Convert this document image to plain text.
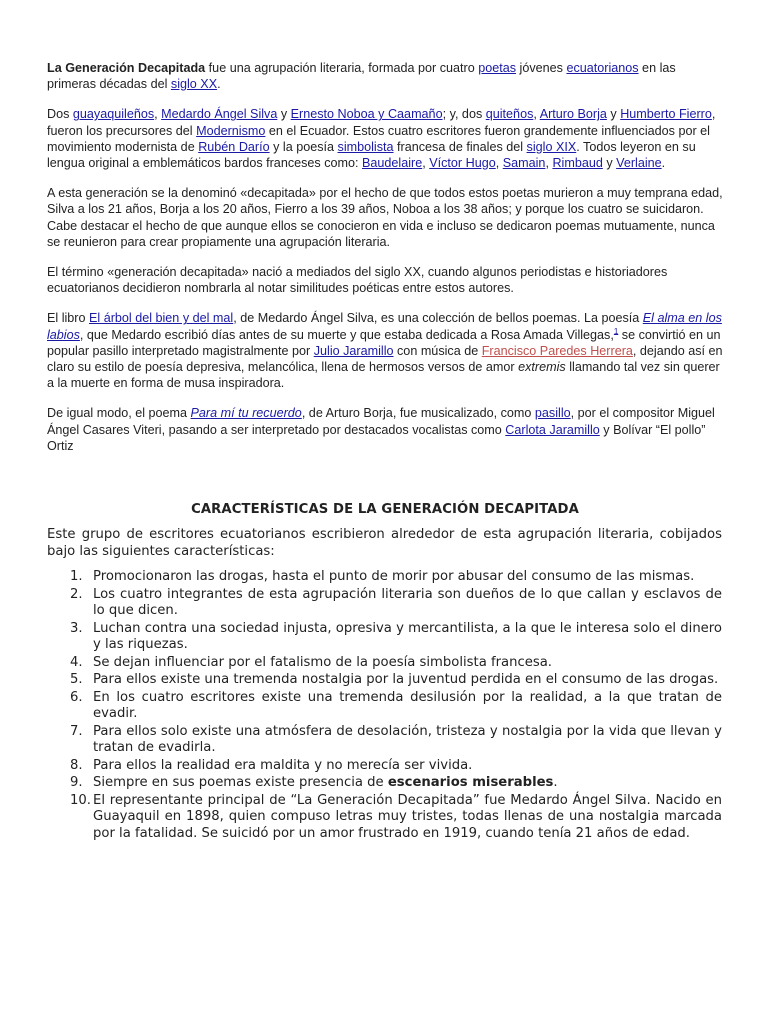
La Generación Decapitada fue una agrupación literaria, formada por cuatro poetas jóvenes ecuatorianos en las primeras décadas del siglo XX.

Dos guayaquileños, Medardo Ángel Silva y Ernesto Noboa y Caamaño; y, dos quiteños, Arturo Borja y Humberto Fierro, fueron los precursores del Modernismo en el Ecuador. Estos cuatro escritores fueron grandemente influenciados por el movimiento modernista de Rubén Darío y la poesía simbolista francesa de finales del siglo XIX. Todos leyeron en su lengua original a emblemáticos bardos franceses como: Baudelaire, Víctor Hugo, Samain, Rimbaud y Verlaine.

A esta generación se la denominó «decapitada» por el hecho de que todos estos poetas murieron a muy temprana edad, Silva a los 21 años, Borja a los 20 años, Fierro a los 39 años, Noboa a los 38 años; y porque los cuatro se suicidaron. Cabe destacar el hecho de que aunque ellos se conocieron en vida e incluso se dedicaron poemas mutuamente, nunca se reunieron para crear propiamente una agrupación literaria.

El término «generación decapitada» nació a mediados del siglo XX, cuando algunos periodistas e historiadores ecuatorianos decidieron nombrarla al notar similitudes poéticas entre estos autores.

El libro El árbol del bien y del mal, de Medardo Ángel Silva, es una colección de bellos poemas. La poesía El alma en los labios, que Medardo escribió días antes de su muerte y que estaba dedicada a Rosa Amada Villegas,$^1$ se convirtió en un popular pasillo interpretado magistralmente por Julio Jaramillo con música de Francisco Paredes Herrera, dejando así en claro su estilo de poesía depresiva, melancólica, llena de hermosos versos de amor extremis llamando tal vez sin querer a la muerte en forma de musa inspiradora.

De igual modo, el poema Para mí tu recuerdo, de Arturo Borja, fue musicalizado, como pasillo, por el compositor Miguel Ángel Casares Viteri, pasando a ser interpretado por destacados vocalistas como Carlota Jaramillo y Bolívar “El pollo” Ortiz

CARACTERÍSTICAS DE LA GENERACIÓN DECAPITADA

Este grupo de escritores ecuatorianos escribieron alrededor de esta agrupación literaria, cobijados bajo las siguientes características:

1. Promocionaron las drogas, hasta el punto de morir por abusar del consumo de las mismas.
2. Los cuatro integrantes de esta agrupación literaria son dueños de lo que callan y esclavos de lo que dicen.
3. Luchan contra una sociedad injusta, opresiva y mercantilista, a la que le interesa solo el dinero y las riquezas.
4. Se dejan influenciar por el fatalismo de la poesía simbolista francesa.
5. Para ellos existe una tremenda nostalgia por la juventud perdida en el consumo de las drogas.
6. En los cuatro escritores existe una tremenda desilusión por la realidad, a la que tratan de evadir.
7. Para ellos solo existe una atmósfera de desolación, tristeza y nostalgia por la vida que llevan y tratan de evadirla.
8. Para ellos la realidad era maldita y no merecía ser vivida.
9. Siempre en sus poemas existe presencia de escenarios miserables.
10. El representante principal de “La Generación Decapitada” fue Medardo Ángel Silva. Nacido en Guayaquil en 1898, quien compuso letras muy tristes, todas llenas de una nostalgia marcada por la fatalidad. Se suicidó por un amor frustrado en 1919, cuando tenía 21 años de edad.
